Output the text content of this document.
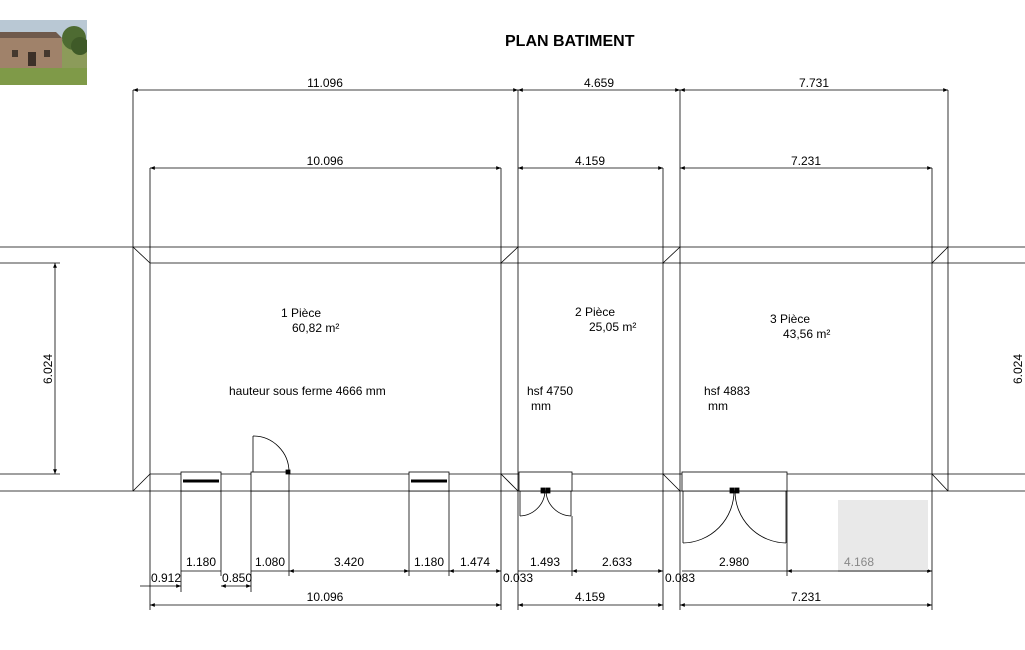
PLAN BATIMENT
11.096	4.659	7.731
10.096	4.159	7.231
6.024	6.024
1.180	1.080	3.420	1.180 1.474	1.493	2.633	2.980	4.168
0.912	0.850	0.033	0.083
10.096	4.159	7.231
1 Pièce
60,82 m²
hauteur sous ferme 4666 mm
2 Pièce
25,05 m²
hsf 4750
mm
3 Pièce
43,56 m²
hsf 4883
mm
